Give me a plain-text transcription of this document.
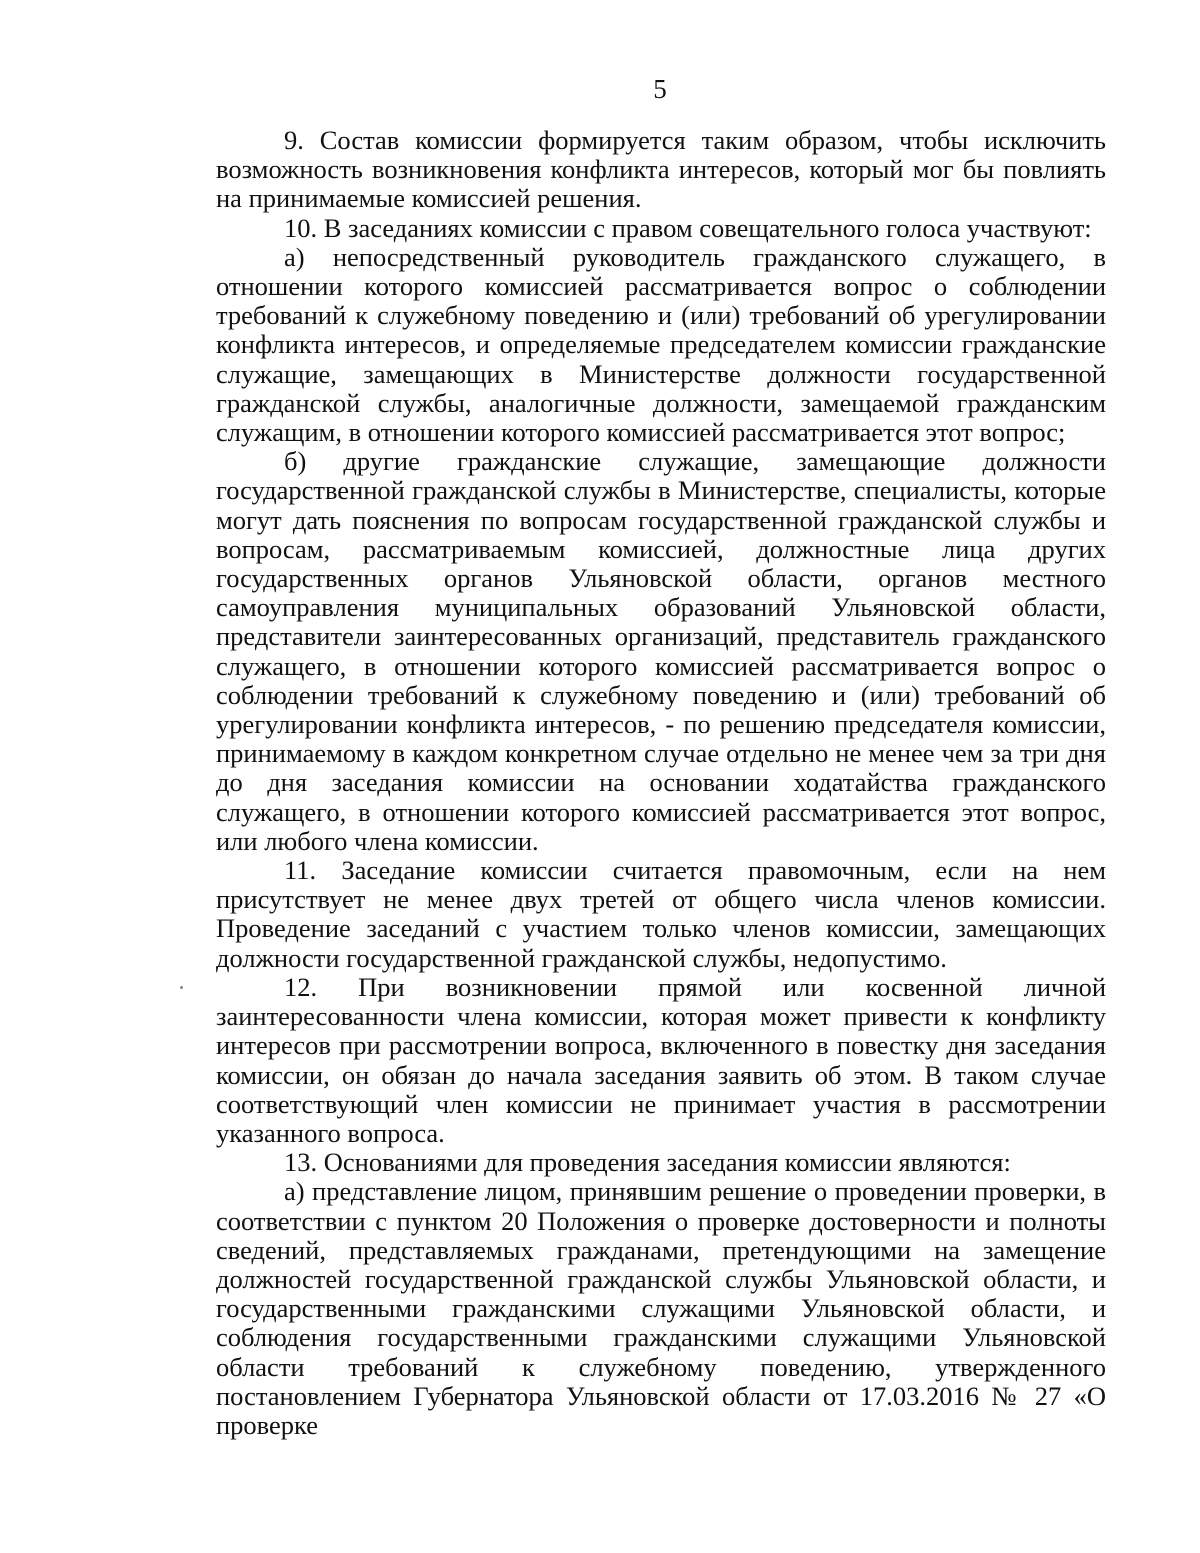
5

9. Состав комиссии формируется таким образом, чтобы исключить возможность возникновения конфликта интересов, который мог бы повлиять на принимаемые комиссией решения.

10. В заседаниях комиссии с правом совещательного голоса участвуют:

а) непосредственный руководитель гражданского служащего, в отношении которого комиссией рассматривается вопрос о соблюдении требований к служебному поведению и (или) требований об урегулировании конфликта интересов, и определяемые председателем комиссии гражданские служащие, замещающих в Министерстве должности государственной гражданской службы, аналогичные должности, замещаемой гражданским служащим, в отношении которого комиссией рассматривается этот вопрос;

б) другие гражданские служащие, замещающие должности государственной гражданской службы в Министерстве, специалисты, которые могут дать пояснения по вопросам государственной гражданской службы и вопросам, рассматриваемым комиссией, должностные лица других государственных органов Ульяновской области, органов местного самоуправления муниципальных образований Ульяновской области, представители заинтересованных организаций, представитель гражданского служащего, в отношении которого комиссией рассматривается вопрос о соблюдении требований к служебному поведению и (или) требований об урегулировании конфликта интересов, - по решению председателя комиссии, принимаемому в каждом конкретном случае отдельно не менее чем за три дня до дня заседания комиссии на основании ходатайства гражданского служащего, в отношении которого комиссией рассматривается этот вопрос, или любого члена комиссии.

11. Заседание комиссии считается правомочным, если на нем присутствует не менее двух третей от общего числа членов комиссии. Проведение заседаний с участием только членов комиссии, замещающих должности государственной гражданской службы, недопустимо.

12. При возникновении прямой или косвенной личной заинтересованности члена комиссии, которая может привести к конфликту интересов при рассмотрении вопроса, включенного в повестку дня заседания комиссии, он обязан до начала заседания заявить об этом. В таком случае соответствующий член комиссии не принимает участия в рассмотрении указанного вопроса.

13. Основаниями для проведения заседания комиссии являются:

а) представление лицом, принявшим решение о проведении проверки, в соответствии с пунктом 20 Положения о проверке достоверности и полноты сведений, представляемых гражданами, претендующими на замещение должностей государственной гражданской службы Ульяновской области, и государственными гражданскими служащими Ульяновской области, и соблюдения государственными гражданскими служащими Ульяновской области требований к служебному поведению, утвержденного постановлением Губернатора Ульяновской области от 17.03.2016 № 27 «О проверке
